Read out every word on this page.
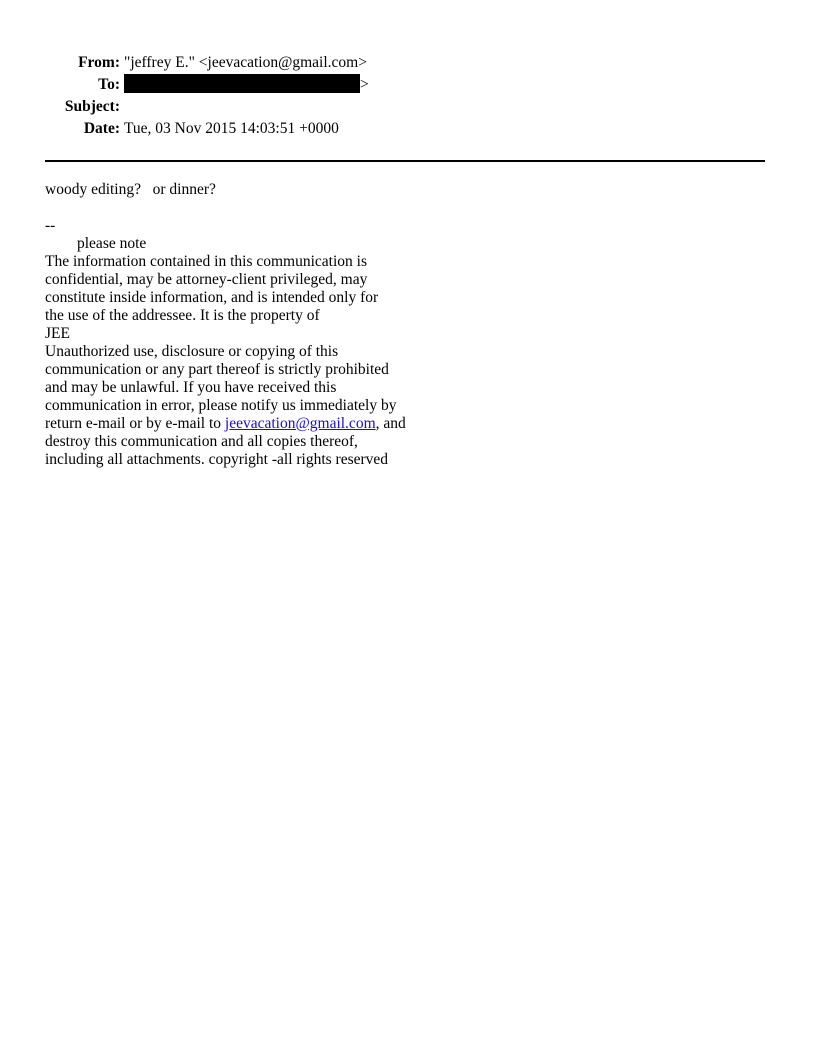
From: "jeffrey E." <jeevacation@gmail.com>
To:	>
Subject:
Date: Tue, 03 Nov 2015 14:03:51 +0000
woody editing?   or dinner?
--
please note
The information contained in this communication is
confidential, may be attorney-client privileged, may
constitute inside information, and is intended only for
the use of the addressee. It is the property of
JEE
Unauthorized use, disclosure or copying of this
communication or any part thereof is strictly prohibited
and may be unlawful. If you have received this
communication in error, please notify us immediately by
return e-mail or by e-mail to jeevacation@gmail.com, and
destroy this communication and all copies thereof,
including all attachments. copyright -all rights reserved
